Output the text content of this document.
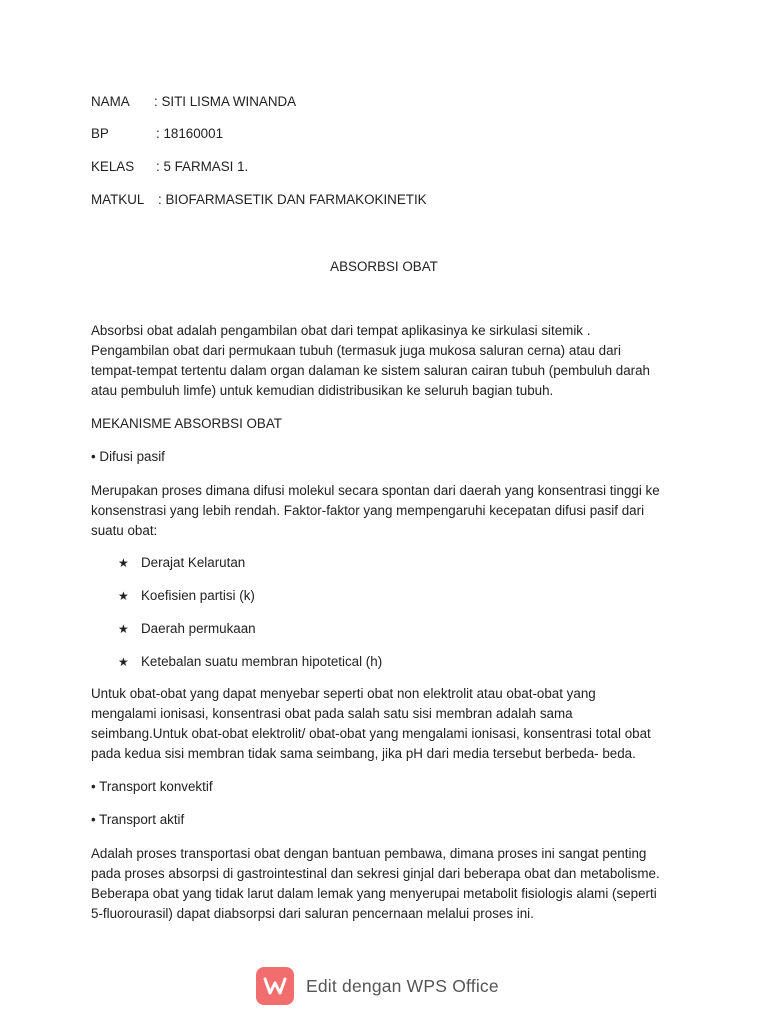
NAMA : SITI LISMA WINANDA
BP	: 18160001
KELAS : 5 FARMASI 1.
MATKUL : BIOFARMASETIK DAN FARMAKOKINETIK
ABSORBSI OBAT
Absorbsi obat adalah pengambilan obat dari tempat aplikasinya ke sirkulasi sitemik .
Pengambilan obat dari permukaan tubuh (termasuk juga mukosa saluran cerna) atau dari
tempat-tempat tertentu dalam organ dalaman ke sistem saluran cairan tubuh (pembuluh darah
atau pembuluh limfe) untuk kemudian didistribusikan ke seluruh bagian tubuh.
MEKANISME ABSORBSI OBAT
• Difusi pasif
Merupakan proses dimana difusi molekul secara spontan dari daerah yang konsentrasi tinggi ke
konsenstrasi yang lebih rendah. Faktor-faktor yang mempengaruhi kecepatan difusi pasif dari
suatu obat:
★ Derajat Kelarutan
★ Koefisien partisi (k)
★ Daerah permukaan
★ Ketebalan suatu membran hipotetical (h)
Untuk obat-obat yang dapat menyebar seperti obat non elektrolit atau obat-obat yang
mengalami ionisasi, konsentrasi obat pada salah satu sisi membran adalah sama
seimbang.Untuk obat-obat elektrolit/ obat-obat yang mengalami ionisasi, konsentrasi total obat
pada kedua sisi membran tidak sama seimbang, jika pH dari media tersebut berbeda- beda.
• Transport konvektif
• Transport aktif
Adalah proses transportasi obat dengan bantuan pembawa, dimana proses ini sangat penting
pada proses absorpsi di gastrointestinal dan sekresi ginjal dari beberapa obat dan metabolisme.
Beberapa obat yang tidak larut dalam lemak yang menyerupai metabolit fisiologis alami (seperti
5-fluorourasil) dapat diabsorpsi dari saluran pencernaan melalui proses ini.
Edit dengan WPS Office
